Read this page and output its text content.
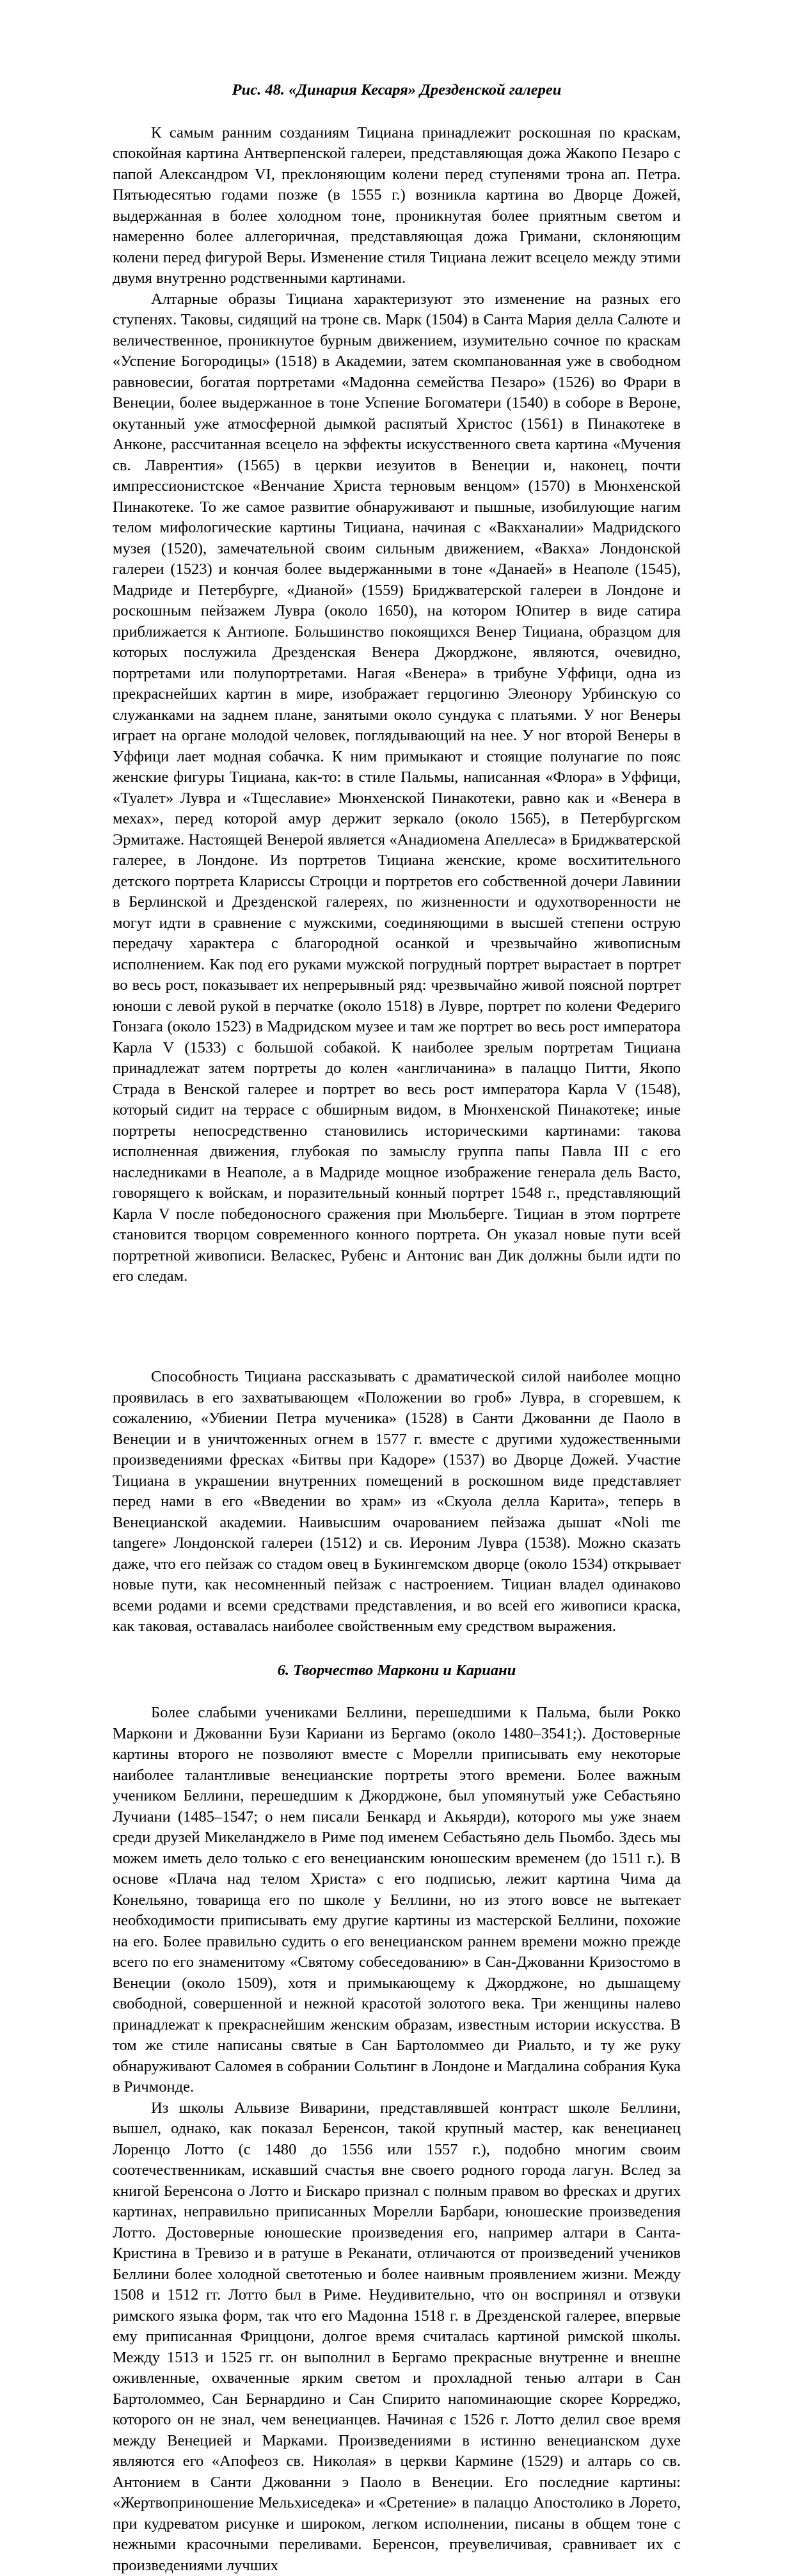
Рис. 48. «Динария Кесаря» Дрезденской галереи

К самым ранним созданиям Тициана принадлежит роскошная по краскам, спокойная картина Антверпенской галереи, представляющая дожа Жакопо Пезаро с папой Александром VI, преклоняющим колени перед ступенями трона ап. Петра. Пятьюдесятью годами позже (в 1555 г.) возникла картина во Дворце Дожей, выдержанная в более холодном тоне, проникнутая более приятным светом и намеренно более аллегоричная, представляющая дожа Гримани, склоняющим колени перед фигурой Веры. Изменение стиля Тициана лежит всецело между этими двумя внутренно родственными картинами.

Алтарные образы Тициана характеризуют это изменение на разных его ступенях. Таковы, сидящий на троне св. Марк (1504) в Санта Мария делла Салюте и величественное, проникнутое бурным движением, изумительно сочное по краскам «Успение Богородицы» (1518) в Академии, затем скомпанованная уже в свободном равновесии, богатая портретами «Мадонна семейства Пезаро» (1526) во Фрари в Венеции, более выдержанное в тоне Успение Богоматери (1540) в соборе в Вероне, окутанный уже атмосферной дымкой распятый Христос (1561) в Пинакотеке в Анконе, рассчитанная всецело на эффекты искусственного света картина «Мучения св. Лаврентия» (1565) в церкви иезуитов в Венеции и, наконец, почти импрессионистское «Венчание Христа терновым венцом» (1570) в Мюнхенской Пинакотеке. То же самое развитие обнаруживают и пышные, изобилующие нагим телом мифологические картины Тициана, начиная с «Вакханалии» Мадридского музея (1520), замечательной своим сильным движением, «Вакха» Лондонской галереи (1523) и кончая более выдержанными в тоне «Данаей» в Неаполе (1545), Мадриде и Петербурге, «Дианой» (1559) Бриджватерской галереи в Лондоне и роскошным пейзажем Лувра (около 1650), на котором Юпитер в виде сатира приближается к Антиопе. Большинство покоящихся Венер Тициана, образцом для которых послужила Дрезденская Венера Джорджоне, являются, очевидно, портретами или полупортретами. Нагая «Венера» в трибуне Уффици, одна из прекраснейших картин в мире, изображает герцогиню Элеонору Урбинскую со служанками на заднем плане, занятыми около сундука с платьями. У ног Венеры играет на органе молодой человек, поглядывающий на нее. У ног второй Венеры в Уффици лает модная собачка. К ним примыкают и стоящие полунагие по пояс женские фигуры Тициана, как-то: в стиле Пальмы, написанная «Флора» в Уффици, «Туалет» Лувра и «Тщеславие» Мюнхенской Пинакотеки, равно как и «Венера в мехах», перед которой амур держит зеркало (около 1565), в Петербургском Эрмитаже. Настоящей Венерой является «Анадиомена Апеллеса» в Бриджватерской галерее, в Лондоне. Из портретов Тициана женские, кроме восхитительного детского портрета Клариссы Строцци и портретов его собственной дочери Лавинии в Берлинской и Дрезденской галереях, по жизненности и одухотворенности не могут идти в сравнение с мужскими, соединяющими в высшей степени острую передачу характера с благородной осанкой и чрезвычайно живописным исполнением. Как под его руками мужской погрудный портрет вырастает в портрет во весь рост, показывает их непрерывный ряд: чрезвычайно живой поясной портрет юноши с левой рукой в перчатке (около 1518) в Лувре, портрет по колени Федериго Гонзага (около 1523) в Мадридском музее и там же портрет во весь рост императора Карла V (1533) с большой собакой. К наиболее зрелым портретам Тициана принадлежат затем портреты до колен «англичанина» в палаццо Питти, Якопо Страда в Венской галерее и портрет во весь рост императора Карла V (1548), который сидит на террасе с обширным видом, в Мюнхенской Пинакотеке; иные портреты непосредственно становились историческими картинами: такова исполненная движения, глубокая по замыслу группа папы Павла III с его наследниками в Неаполе, а в Мадриде мощное изображение генерала дель Васто, говорящего к войскам, и поразительный конный портрет 1548 г., представляющий Карла V после победоносного сражения при Мюльберге. Тициан в этом портрете становится творцом современного конного портрета. Он указал новые пути всей портретной живописи. Веласкес, Рубенс и Антонис ван Дик должны были идти по его следам.

Способность Тициана рассказывать с драматической силой наиболее мощно проявилась в его захватывающем «Положении во гроб» Лувра, в сгоревшем, к сожалению, «Убиении Петра мученика» (1528) в Санти Джованни де Паоло в Венеции и в уничтоженных огнем в 1577 г. вместе с другими художественными произведениями фресках «Битвы при Кадоре» (1537) во Дворце Дожей. Участие Тициана в украшении внутренних помещений в роскошном виде представляет перед нами в его «Введении во храм» из «Скуола делла Карита», теперь в Венецианской академии. Наивысшим очарованием пейзажа дышат «Noli me tangere» Лондонской галереи (1512) и св. Иероним Лувра (1538). Можно сказать даже, что его пейзаж со стадом овец в Букингемском дворце (около 1534) открывает новые пути, как несомненный пейзаж с настроением. Тициан владел одинаково всеми родами и всеми средствами представления, и во всей его живописи краска, как таковая, оставалась наиболее свойственным ему средством выражения.

6. Творчество Маркони и Кариани

Более слабыми учениками Беллини, перешедшими к Пальма, были Рокко Маркони и Джованни Бузи Кариани из Бергамо (около 1480–3541;). Достоверные картины второго не позволяют вместе с Морелли приписывать ему некоторые наиболее талантливые венецианские портреты этого времени. Более важным учеником Беллини, перешедшим к Джорджоне, был упомянутый уже Себастьяно Лучиани (1485–1547; о нем писали Бенкард и Акьярди), которого мы уже знаем среди друзей Микеланджело в Риме под именем Себастьяно дель Пьомбо. Здесь мы можем иметь дело только с его венецианским юношеским временем (до 1511 г.). В основе «Плача над телом Христа» с его подписью, лежит картина Чима да Конельяно, товарища его по школе у Беллини, но из этого вовсе не вытекает необходимости приписывать ему другие картины из мастерской Беллини, похожие на его. Более правильно судить о его венецианском раннем времени можно прежде всего по его знаменитому «Святому собеседованию» в Сан-Джованни Кризостомо в Венеции (около 1509), хотя и примыкающему к Джорджоне, но дышащему свободной, совершенной и нежной красотой золотого века. Три женщины налево принадлежат к прекраснейшим женским образам, известным истории искусства. В том же стиле написаны святые в Сан Бартоломмео ди Риальто, и ту же руку обнаруживают Саломея в собрании Сольтинг в Лондоне и Магдалина собрания Кука в Ричмонде.

Из школы Альвизе Виварини, представлявшей контраст школе Беллини, вышел, однако, как показал Беренсон, такой крупный мастер, как венецианец Лоренцо Лотто (с 1480 до 1556 или 1557 г.), подобно многим своим соотечественникам, искавший счастья вне своего родного города лагун. Вслед за книгой Беренсона о Лотто и Бискаро признал с полным правом во фресках и других картинах, неправильно приписанных Морелли Барбари, юношеские произведения Лотто. Достоверные юношеские произведения его, например алтари в Санта-Кристина в Тревизо и в ратуше в Реканати, отличаются от произведений учеников Беллини более холодной светотенью и более наивным проявлением жизни. Между 1508 и 1512 гг. Лотто был в Риме. Неудивительно, что он воспринял и отзвуки римского языка форм, так что его Мадонна 1518 г. в Дрезденской галерее, впервые ему приписанная Фриццони, долгое время считалась картиной римской школы. Между 1513 и 1525 гг. он выполнил в Бергамо прекрасные внутренне и внешне оживленные, охваченные ярким светом и прохладной тенью алтари в Сан Бартоломмео, Сан Бернардино и Сан Спирито напоминающие скорее Корреджо, которого он не знал, чем венецианцев. Начиная с 1526 г. Лотто делил свое время между Венецией и Марками. Произведениями в истинно венецианском духе являются его «Апофеоз св. Николая» в церкви Кармине (1529) и алтарь со св. Антонием в Санти Джованни э Паоло в Венеции. Его последние картины: «Жертвоприношение Мельхиседека» и «Сретение» в палаццо Апостолико в Лорето, при кудреватом рисунке и широком, легком исполнении, писаны в общем тоне с нежными красочными переливами. Беренсон, преувеличивая, сравнивает их с произведениями лучших
